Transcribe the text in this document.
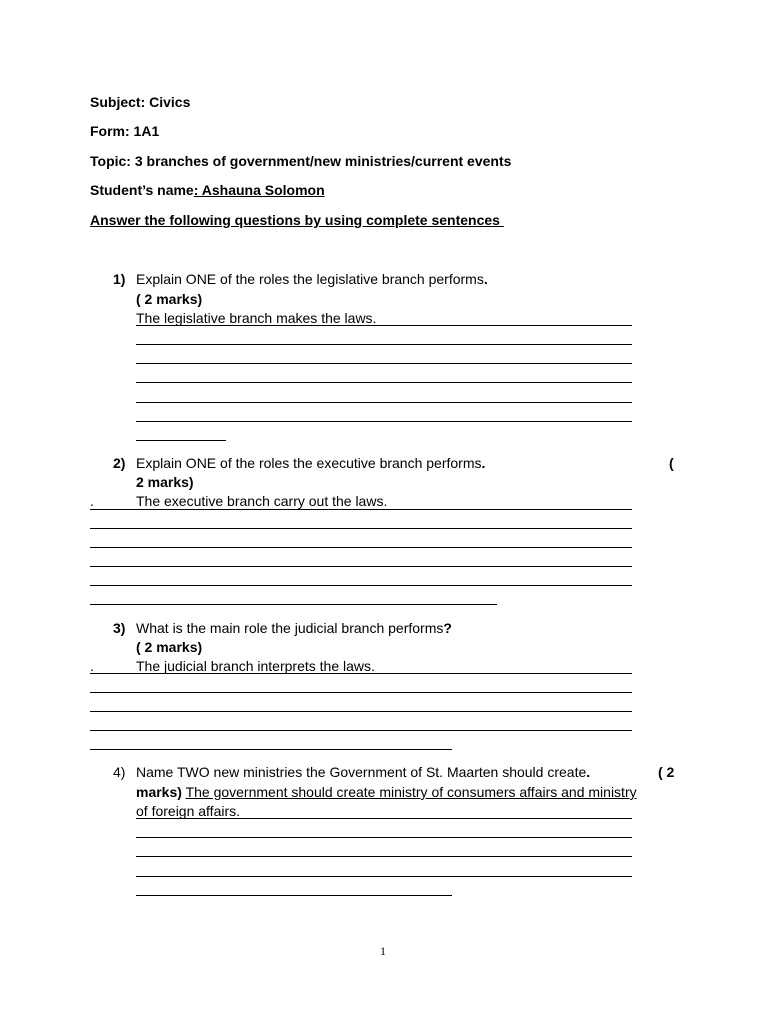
Subject: Civics
Form: 1A1
Topic: 3 branches of government/new ministries/current events
Student’s name: Ashauna Solomon
Answer the following questions by using complete sentences
1) Explain ONE of the roles the legislative branch performs.
( 2 marks)
The legislative branch makes the laws.
2) Explain ONE of the roles the executive branch performs.	(
2 marks)
.	The executive branch carry out the laws.
3) What is the main role the judicial branch performs?
( 2 marks)
.	The judicial branch interprets the laws.
4) Name TWO new ministries the Government of St. Maarten should create.	( 2
marks) The government should create ministry of consumers affairs and ministry
of foreign affairs.
1
